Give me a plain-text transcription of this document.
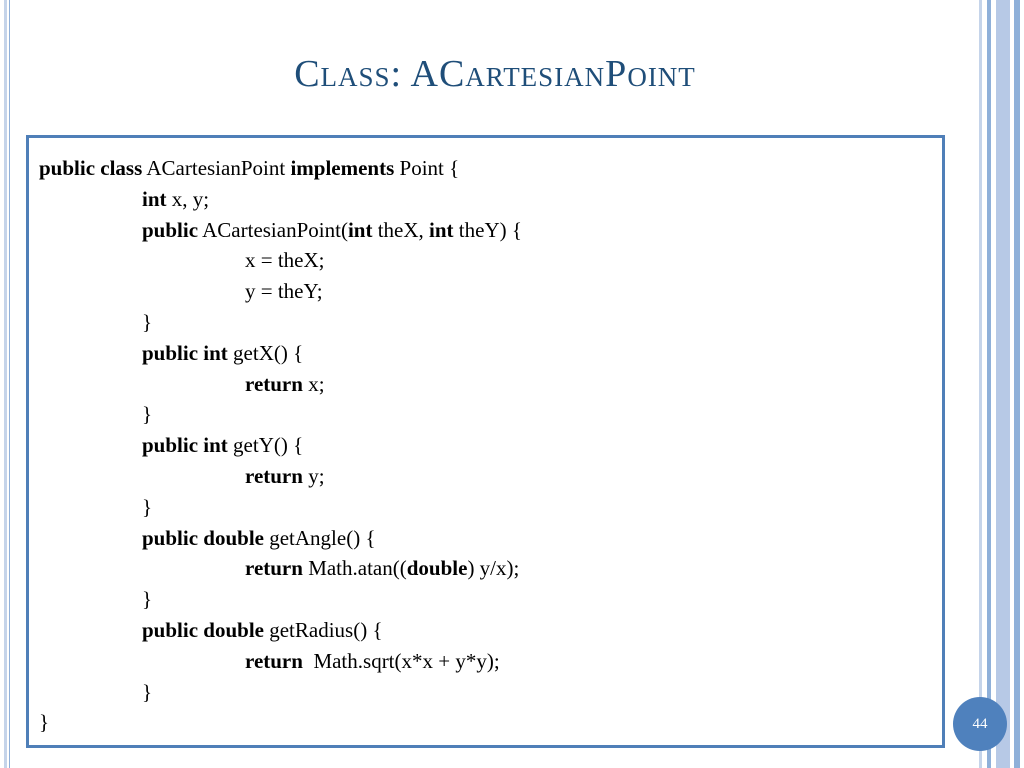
Class: ACartesianPoint
public class ACartesianPoint implements Point {
int x, y;
public ACartesianPoint(int theX, int theY) {
x = theX;
y = theY;
}
public int getX() {
return x;
}
public int getY() {
return y;
}
public double getAngle() {
return Math.atan((double) y/x);
}
public double getRadius() {
return  Math.sqrt(x*x + y*y);
}
}	44
